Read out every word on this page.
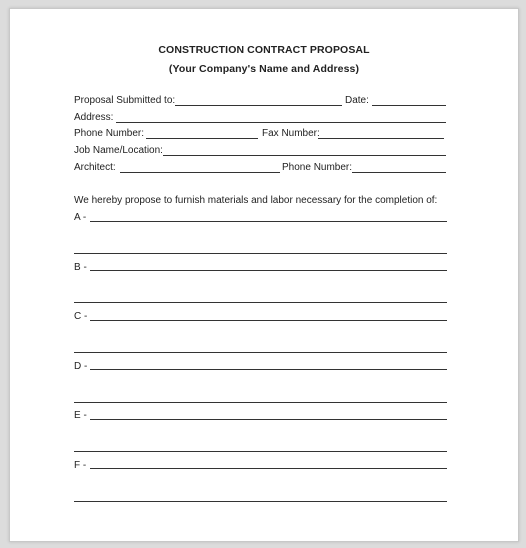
CONSTRUCTION CONTRACT PROPOSAL
(Your Company's Name and Address)
Proposal Submitted to:	Date:
Address:
Phone Number:	Fax Number:
Job Name/Location:
Architect:	Phone Number:
We hereby propose to furnish materials and labor necessary for the completion of:
A -
B -
C -
D -
E -
F -
